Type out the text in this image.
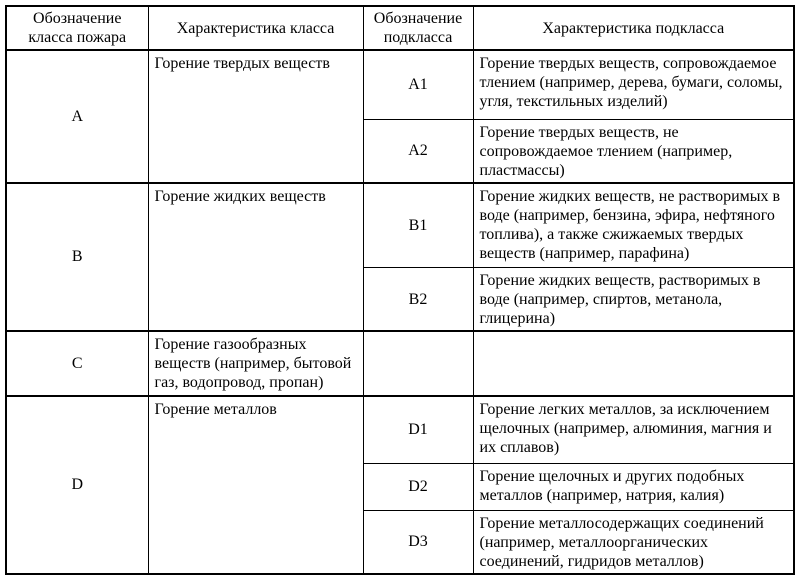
Обозначение класса пожара	Характеристика класса	Обозначение подкласса	Характеристика подкласса
A	Горение твердых веществ	A1	Горение твердых веществ, сопровождаемое тлением (например, дерева, бумаги, соломы, угля, текстильных изделий)
		A2	Горение твердых веществ, не сопровождаемое тлением (например, пластмассы)
B	Горение жидких веществ	B1	Горение жидких веществ, не растворимых в воде (например, бензина, эфира, нефтяного топлива), а также сжижаемых твердых веществ (например, парафина)
		B2	Горение жидких веществ, растворимых в воде (например, спиртов, метанола, глицерина)
C	Горение газообразных веществ (например, бытовой газ, водопровод, пропан)		
D	Горение металлов	D1	Горение легких металлов, за исключением щелочных (например, алюминия, магния и их сплавов)
		D2	Горение щелочных и других подобных металлов (например, натрия, калия)
		D3	Горение металлосодержащих соединений (например, металлоорганических соединений, гидридов металлов)
